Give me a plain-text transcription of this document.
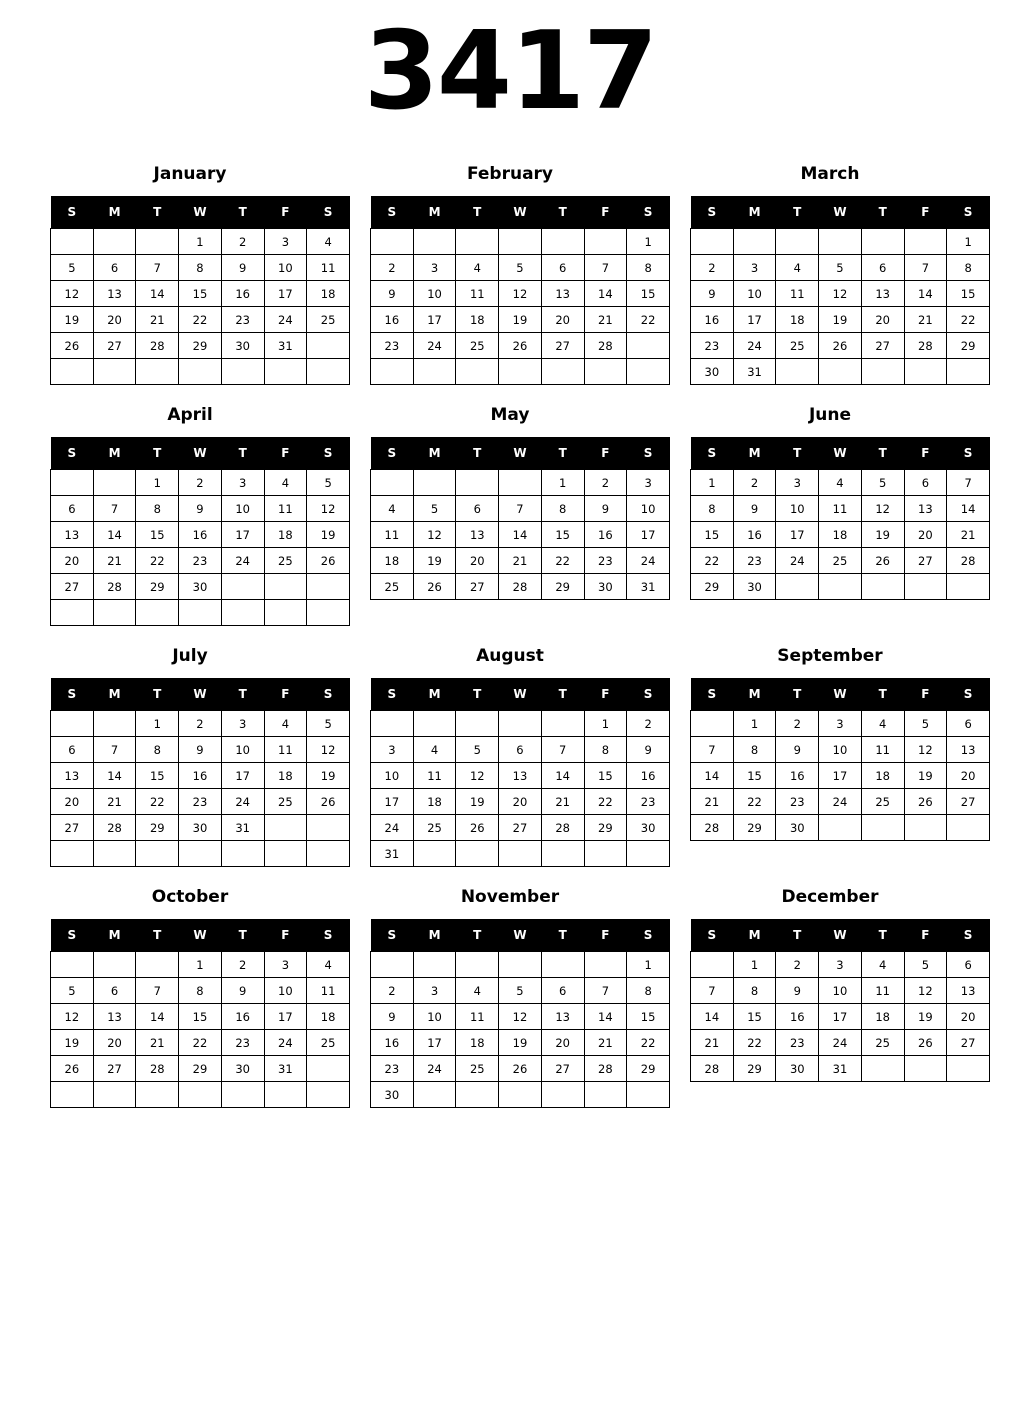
3417
January
S	M	T	W	T	F	S
			1	2	3	4
5	6	7	8	9	10	11
12	13	14	15	16	17	18
19	20	21	22	23	24	25
26	27	28	29	30	31	

February
S	M	T	W	T	F	S
						1
2	3	4	5	6	7	8
9	10	11	12	13	14	15
16	17	18	19	20	21	22
23	24	25	26	27	28	

March
S	M	T	W	T	F	S
						1
2	3	4	5	6	7	8
9	10	11	12	13	14	15
16	17	18	19	20	21	22
23	24	25	26	27	28	29
30	31					
April
S	M	T	W	T	F	S
		1	2	3	4	5
6	7	8	9	10	11	12
13	14	15	16	17	18	19
20	21	22	23	24	25	26
27	28	29	30			

May
S	M	T	W	T	F	S
				1	2	3
4	5	6	7	8	9	10
11	12	13	14	15	16	17
18	19	20	21	22	23	24
25	26	27	28	29	30	31
June
S	M	T	W	T	F	S
1	2	3	4	5	6	7
8	9	10	11	12	13	14
15	16	17	18	19	20	21
22	23	24	25	26	27	28
29	30					
July
S	M	T	W	T	F	S
		1	2	3	4	5
6	7	8	9	10	11	12
13	14	15	16	17	18	19
20	21	22	23	24	25	26
27	28	29	30	31		

August
S	M	T	W	T	F	S
					1	2
3	4	5	6	7	8	9
10	11	12	13	14	15	16
17	18	19	20	21	22	23
24	25	26	27	28	29	30
31						
September
S	M	T	W	T	F	S
	1	2	3	4	5	6
7	8	9	10	11	12	13
14	15	16	17	18	19	20
21	22	23	24	25	26	27
28	29	30				
October
S	M	T	W	T	F	S
			1	2	3	4
5	6	7	8	9	10	11
12	13	14	15	16	17	18
19	20	21	22	23	24	25
26	27	28	29	30	31	

November
S	M	T	W	T	F	S
						1
2	3	4	5	6	7	8
9	10	11	12	13	14	15
16	17	18	19	20	21	22
23	24	25	26	27	28	29
30						
December
S	M	T	W	T	F	S
	1	2	3	4	5	6
7	8	9	10	11	12	13
14	15	16	17	18	19	20
21	22	23	24	25	26	27
28	29	30	31			
